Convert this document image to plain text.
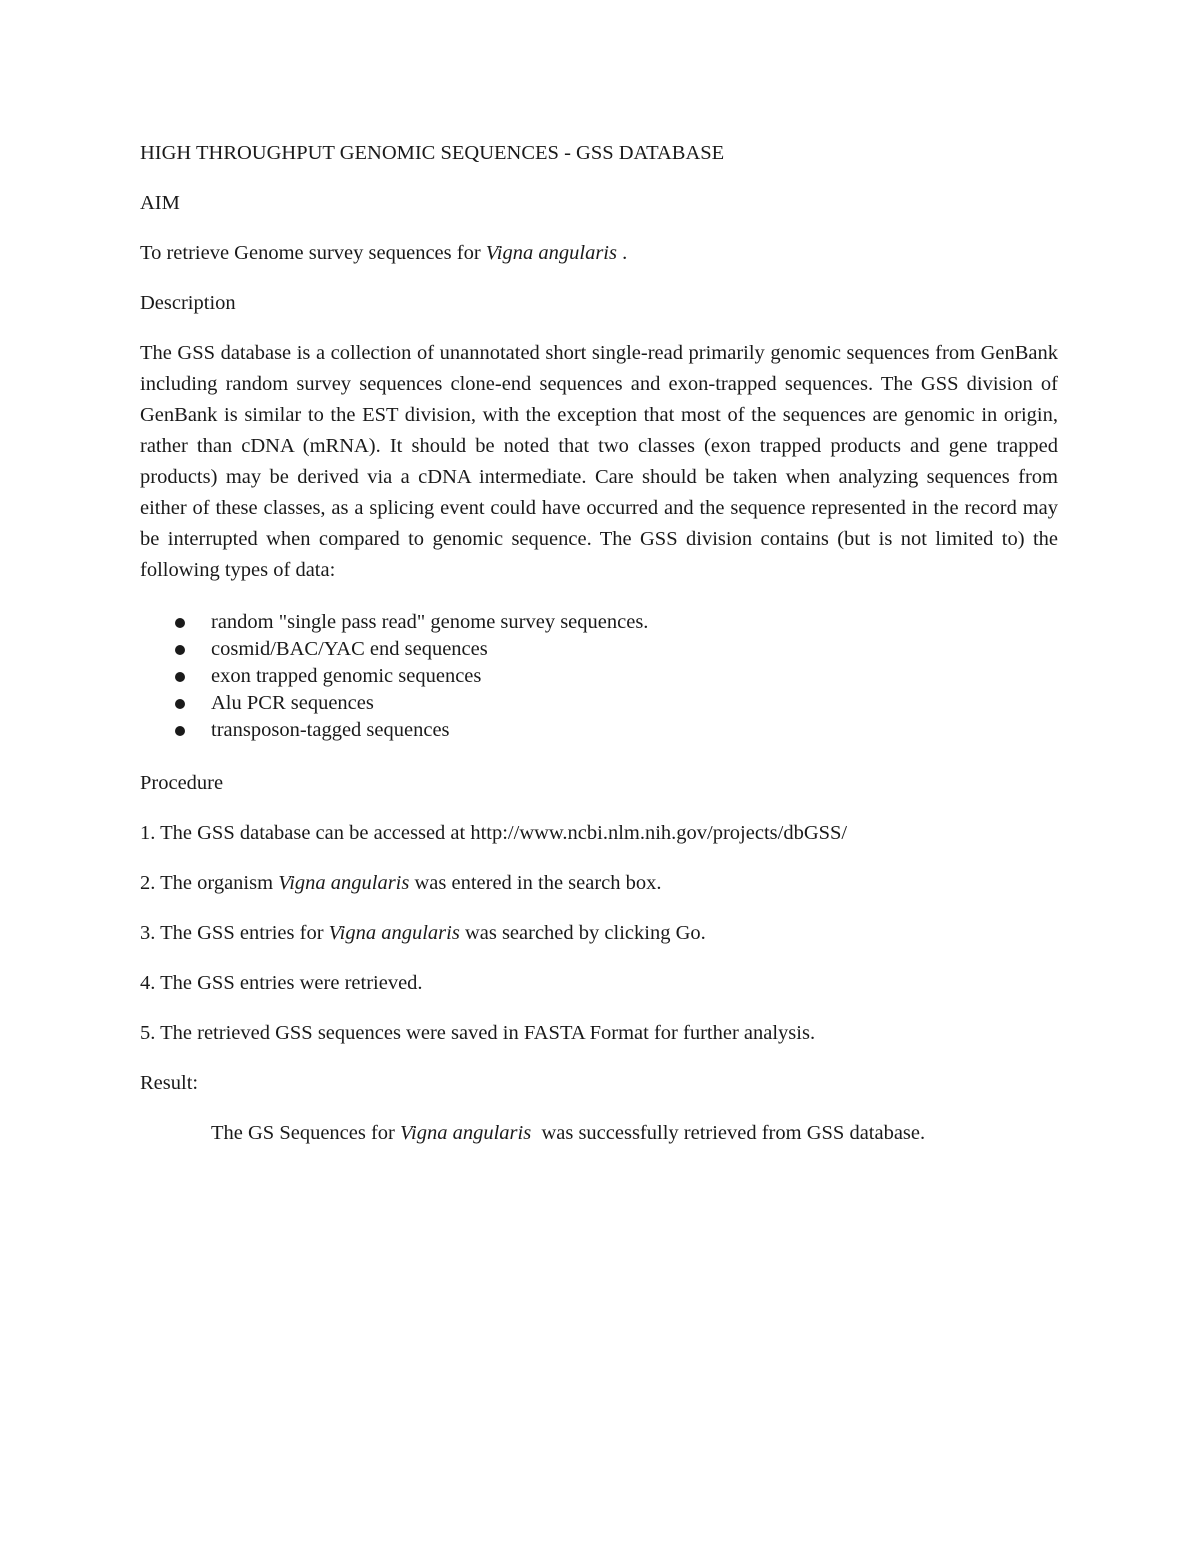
HIGH THROUGHPUT GENOMIC SEQUENCES - GSS DATABASE

AIM

To retrieve Genome survey sequences for Vigna angularis .

Description

The GSS database is a collection of unannotated short single-read primarily genomic sequences from GenBank including random survey sequences clone-end sequences and exon-trapped sequences. The GSS division of GenBank is similar to the EST division, with the exception that most of the sequences are genomic in origin, rather than cDNA (mRNA). It should be noted that two classes (exon trapped products and gene trapped products) may be derived via a cDNA intermediate. Care should be taken when analyzing sequences from either of these classes, as a splicing event could have occurred and the sequence represented in the record may be interrupted when compared to genomic sequence. The GSS division contains (but is not limited to) the following types of data:

random "single pass read" genome survey sequences.
cosmid/BAC/YAC end sequences
exon trapped genomic sequences
Alu PCR sequences
transposon-tagged sequences

Procedure

1. The GSS database can be accessed at http://www.ncbi.nlm.nih.gov/projects/dbGSS/

2. The organism Vigna angularis was entered in the search box.

3. The GSS entries for Vigna angularis was searched by clicking Go.

4. The GSS entries were retrieved.

5. The retrieved GSS sequences were saved in FASTA Format for further analysis.

Result:

The GS Sequences for Vigna angularis  was successfully retrieved from GSS database.
